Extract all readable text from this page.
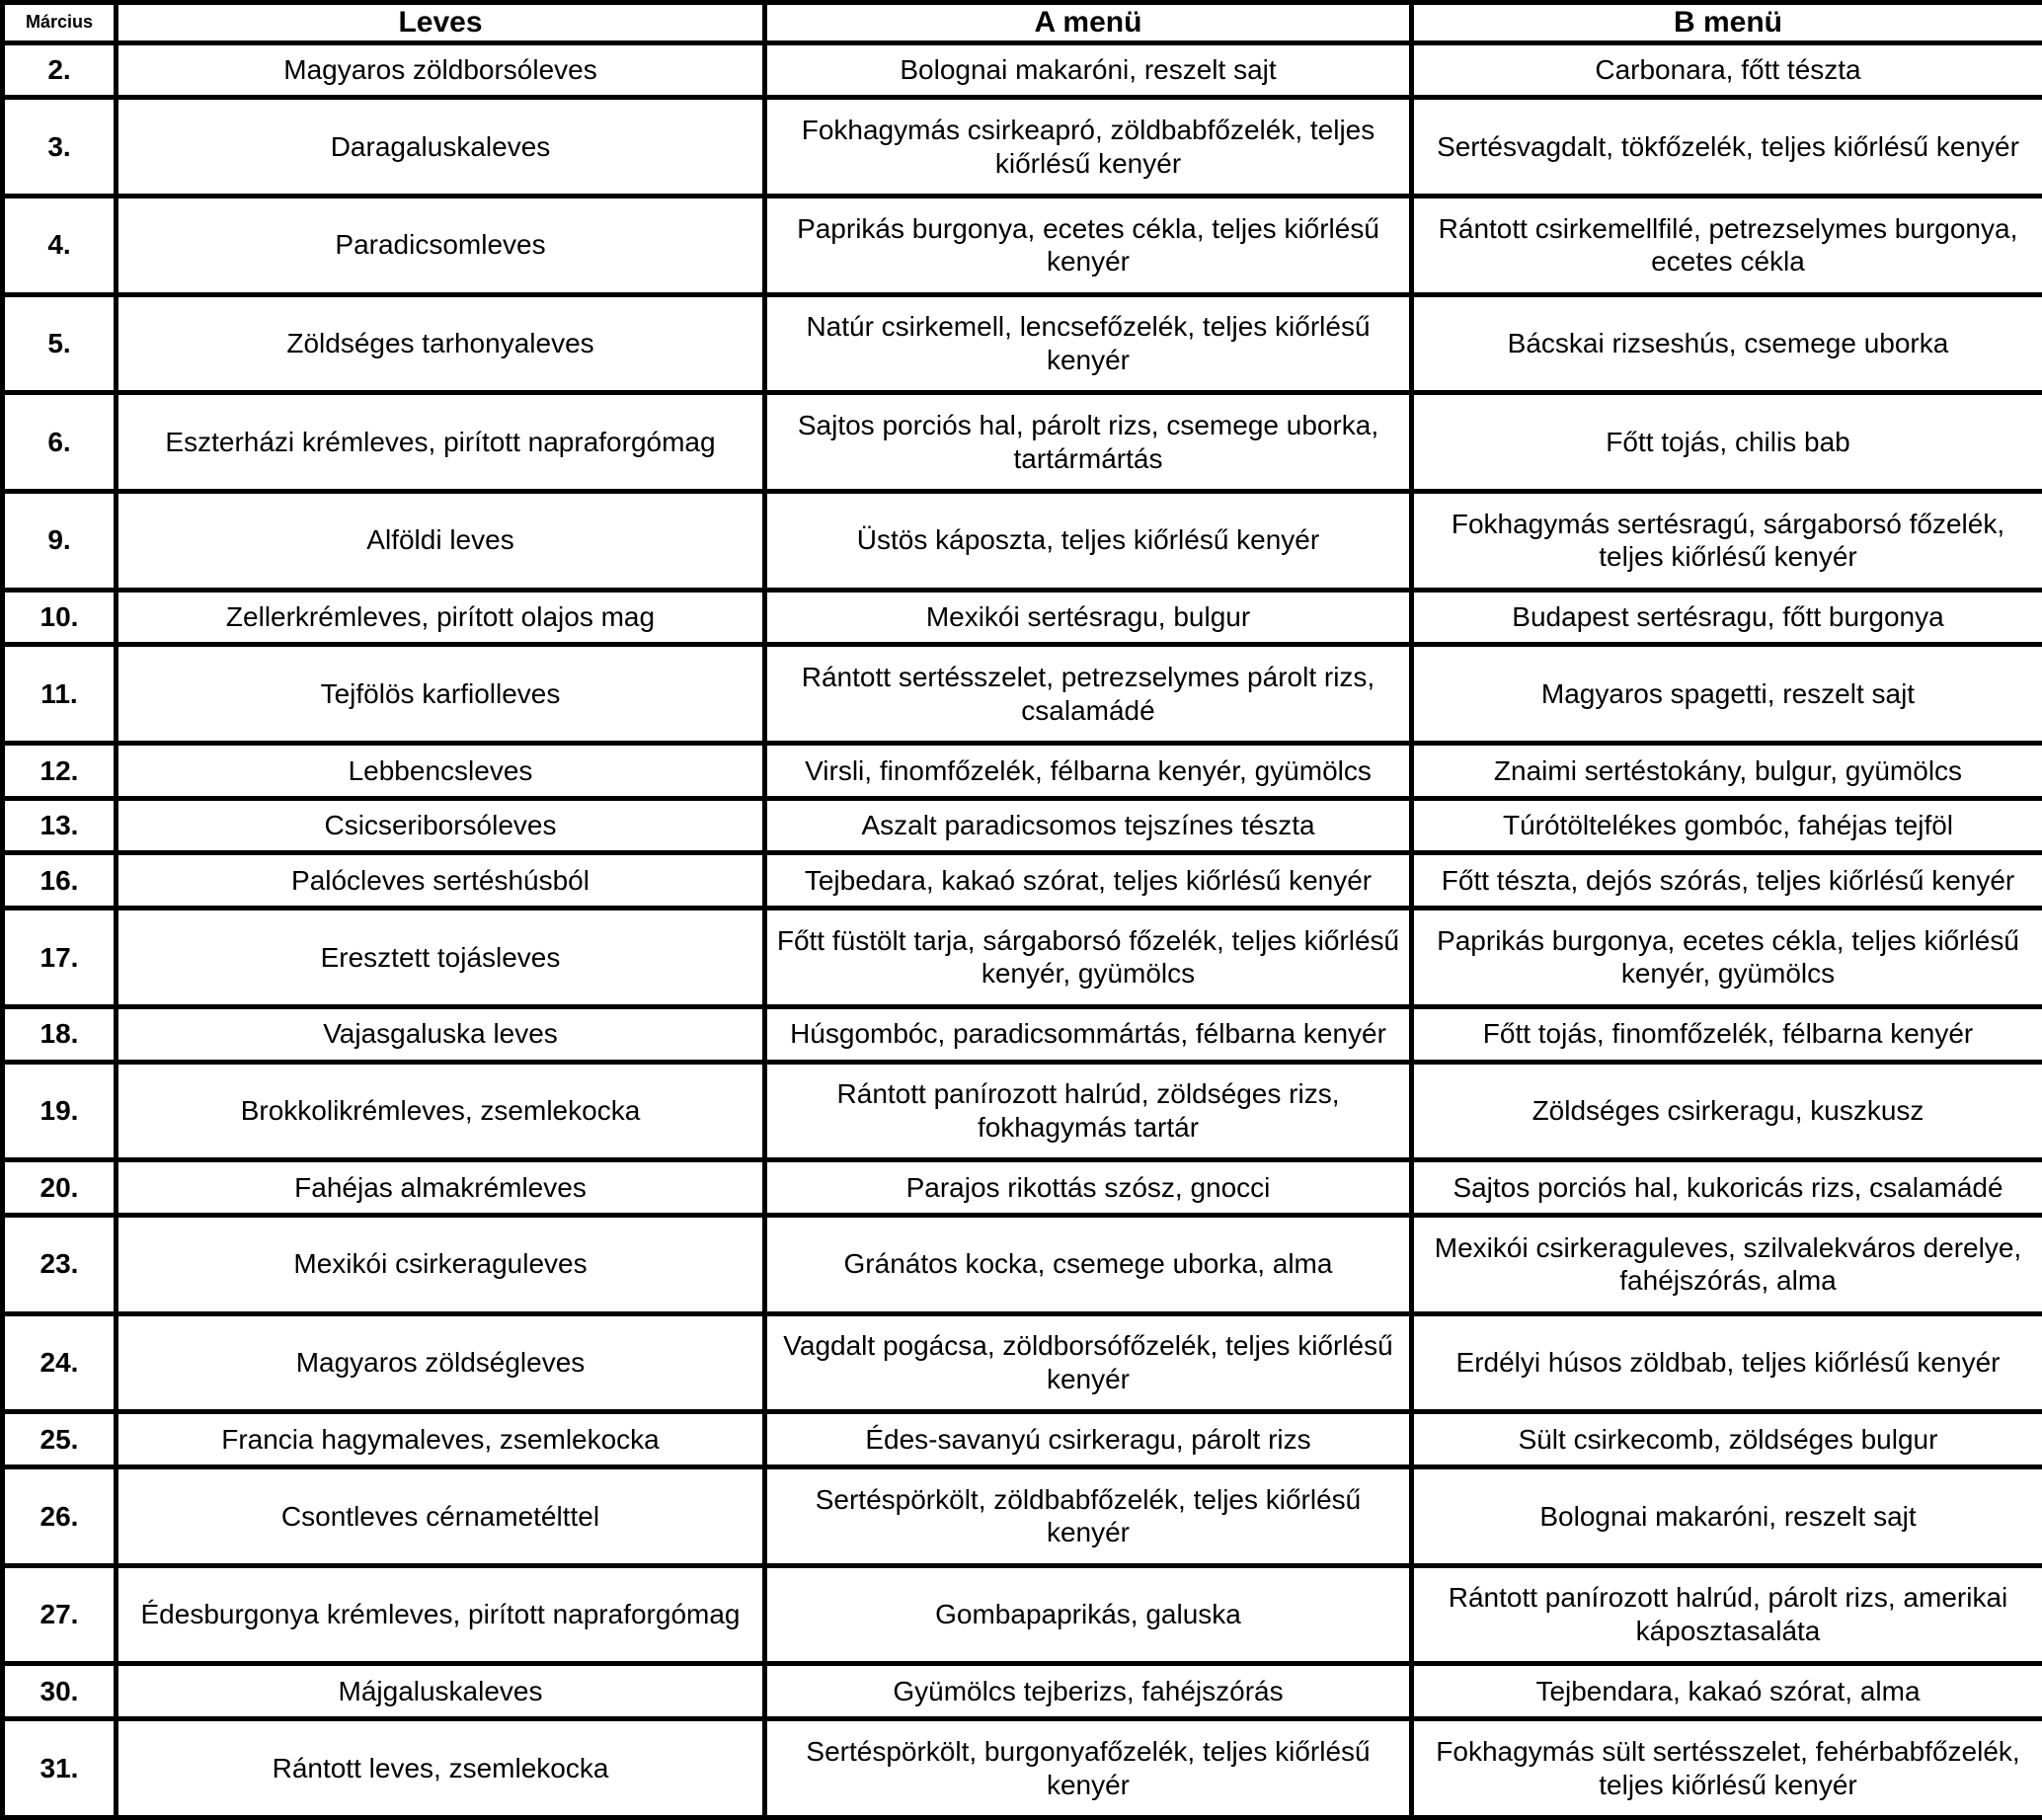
Március	Leves	A menü	B menü
2.	Magyaros zöldborsóleves	Bolognai makaróni, reszelt sajt	Carbonara, főtt tészta
3.	Daragaluskaleves	Fokhagymás csirkeapró, zöldbabfőzelék, teljes kiőrlésű kenyér	Sertésvagdalt, tökfőzelék, teljes kiőrlésű kenyér
4.	Paradicsomleves	Paprikás burgonya, ecetes cékla, teljes kiőrlésű kenyér	Rántott csirkemellfilé, petrezselymes burgonya, ecetes cékla
5.	Zöldséges tarhonyaleves	Natúr csirkemell, lencsefőzelék, teljes kiőrlésű kenyér	Bácskai rizseshús, csemege uborka
6.	Eszterházi krémleves, pirított napraforgómag	Sajtos porciós hal, párolt rizs, csemege uborka, tartármártás	Főtt tojás, chilis bab
9.	Alföldi leves	Üstös káposzta, teljes kiőrlésű kenyér	Fokhagymás sertésragú, sárgaborsó főzelék, teljes kiőrlésű kenyér
10.	Zellerkrémleves, pirított olajos mag	Mexikói sertésragu, bulgur	Budapest sertésragu, főtt burgonya
11.	Tejfölös karfiolleves	Rántott sertésszelet, petrezselymes párolt rizs, csalamádé	Magyaros spagetti, reszelt sajt
12.	Lebbencsleves	Virsli, finomfőzelék, félbarna kenyér, gyümölcs	Znaimi sertéstokány, bulgur, gyümölcs
13.	Csicseriborsóleves	Aszalt paradicsomos tejszínes tészta	Túrótöltelékes gombóc, fahéjas tejföl
16.	Palócleves sertéshúsból	Tejbedara, kakaó szórat, teljes kiőrlésű kenyér	Főtt tészta, dejós szórás, teljes kiőrlésű kenyér
17.	Eresztett tojásleves	Főtt füstölt tarja, sárgaborsó főzelék, teljes kiőrlésű kenyér, gyümölcs	Paprikás burgonya, ecetes cékla, teljes kiőrlésű kenyér, gyümölcs
18.	Vajasgaluska leves	Húsgombóc, paradicsommártás, félbarna kenyér	Főtt tojás, finomfőzelék, félbarna kenyér
19.	Brokkolikrémleves, zsemlekocka	Rántott panírozott halrúd, zöldséges rizs, fokhagymás tartár	Zöldséges csirkeragu, kuszkusz
20.	Fahéjas almakrémleves	Parajos rikottás szósz, gnocci	Sajtos porciós hal, kukoricás rizs, csalamádé
23.	Mexikói csirkeraguleves	Gránátos kocka, csemege uborka, alma	Mexikói csirkeraguleves, szilvalekváros derelye, fahéjszórás, alma
24.	Magyaros zöldségleves	Vagdalt pogácsa, zöldborsófőzelék, teljes kiőrlésű kenyér	Erdélyi húsos zöldbab, teljes kiőrlésű kenyér
25.	Francia hagymaleves, zsemlekocka	Édes-savanyú csirkeragu, párolt rizs	Sült csirkecomb, zöldséges bulgur
26.	Csontleves cérnametélttel	Sertéspörkölt, zöldbabfőzelék, teljes kiőrlésű kenyér	Bolognai makaróni, reszelt sajt
27.	Édesburgonya krémleves, pirított napraforgómag	Gombapaprikás, galuska	Rántott panírozott halrúd, párolt rizs, amerikai káposztasaláta
30.	Májgaluskaleves	Gyümölcs tejberizs, fahéjszórás	Tejbendara, kakaó szórat, alma
31.	Rántott leves, zsemlekocka	Sertéspörkölt, burgonyafőzelék, teljes kiőrlésű kenyér	Fokhagymás sült sertésszelet, fehérbabfőzelék, teljes kiőrlésű kenyér
